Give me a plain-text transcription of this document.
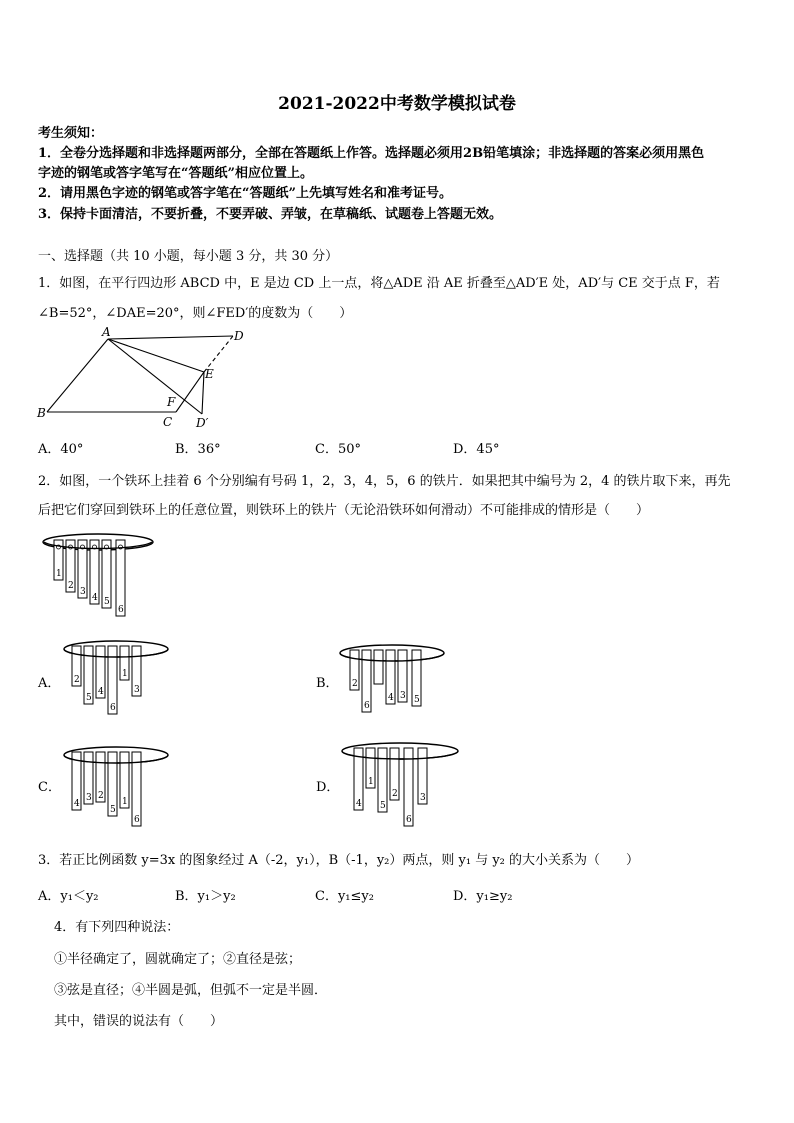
2021-2022中考数学模拟试卷
考生须知：
1．全卷分选择题和非选择题两部分，全部在答题纸上作答。选择题必须用2B铅笔填涂；非选择题的答案必须用黑色
字迹的钢笔或答字笔写在“答题纸”相应位置上。
2．请用黑色字迹的钢笔或答字笔在“答题纸”上先填写姓名和准考证号。
3．保持卡面清洁，不要折叠，不要弄破、弄皱，在草稿纸、试题卷上答题无效。
一、选择题（共 10 小题，每小题 3 分，共 30 分）
1．如图，在平行四边形 ABCD 中，E 是边 CD 上一点，将△ADE 沿 AE 折叠至△AD′E 处，AD′与 CE 交于点 F，若
∠B=52°，∠DAE=20°，则∠FED′的度数为（　　）
A
B
C
D
E
F
D′
A．40°	B．36°	C．50°	D．45°
2．如图，一个铁环上挂着 6 个分别编有号码 1，2，3，4，5，6 的铁片．如果把其中编号为 2，4 的铁片取下来，再先
后把它们穿回到铁环上的任意位置，则铁环上的铁片（无论沿铁环如何滑动）不可能排成的情形是（　　）
1
2
3
4 5
6
A． 2
5
4
6
1
3	B． 2
6
4 3 5
C．
4
3 2
5
1
6
D．
4
1
5
2
6
3
3．若正比例函数 y=3x 的图象经过 A（-2，y₁），B（-1，y₂）两点，则 y₁ 与 y₂ 的大小关系为（　　）
A．y₁＜y₂	B．y₁＞y₂	C．y₁≤y₂	D．y₁≥y₂
4．有下列四种说法：
①半径确定了，圆就确定了；②直径是弦；
③弦是直径；④半圆是弧，但弧不一定是半圆．
其中，错误的说法有（　　）
